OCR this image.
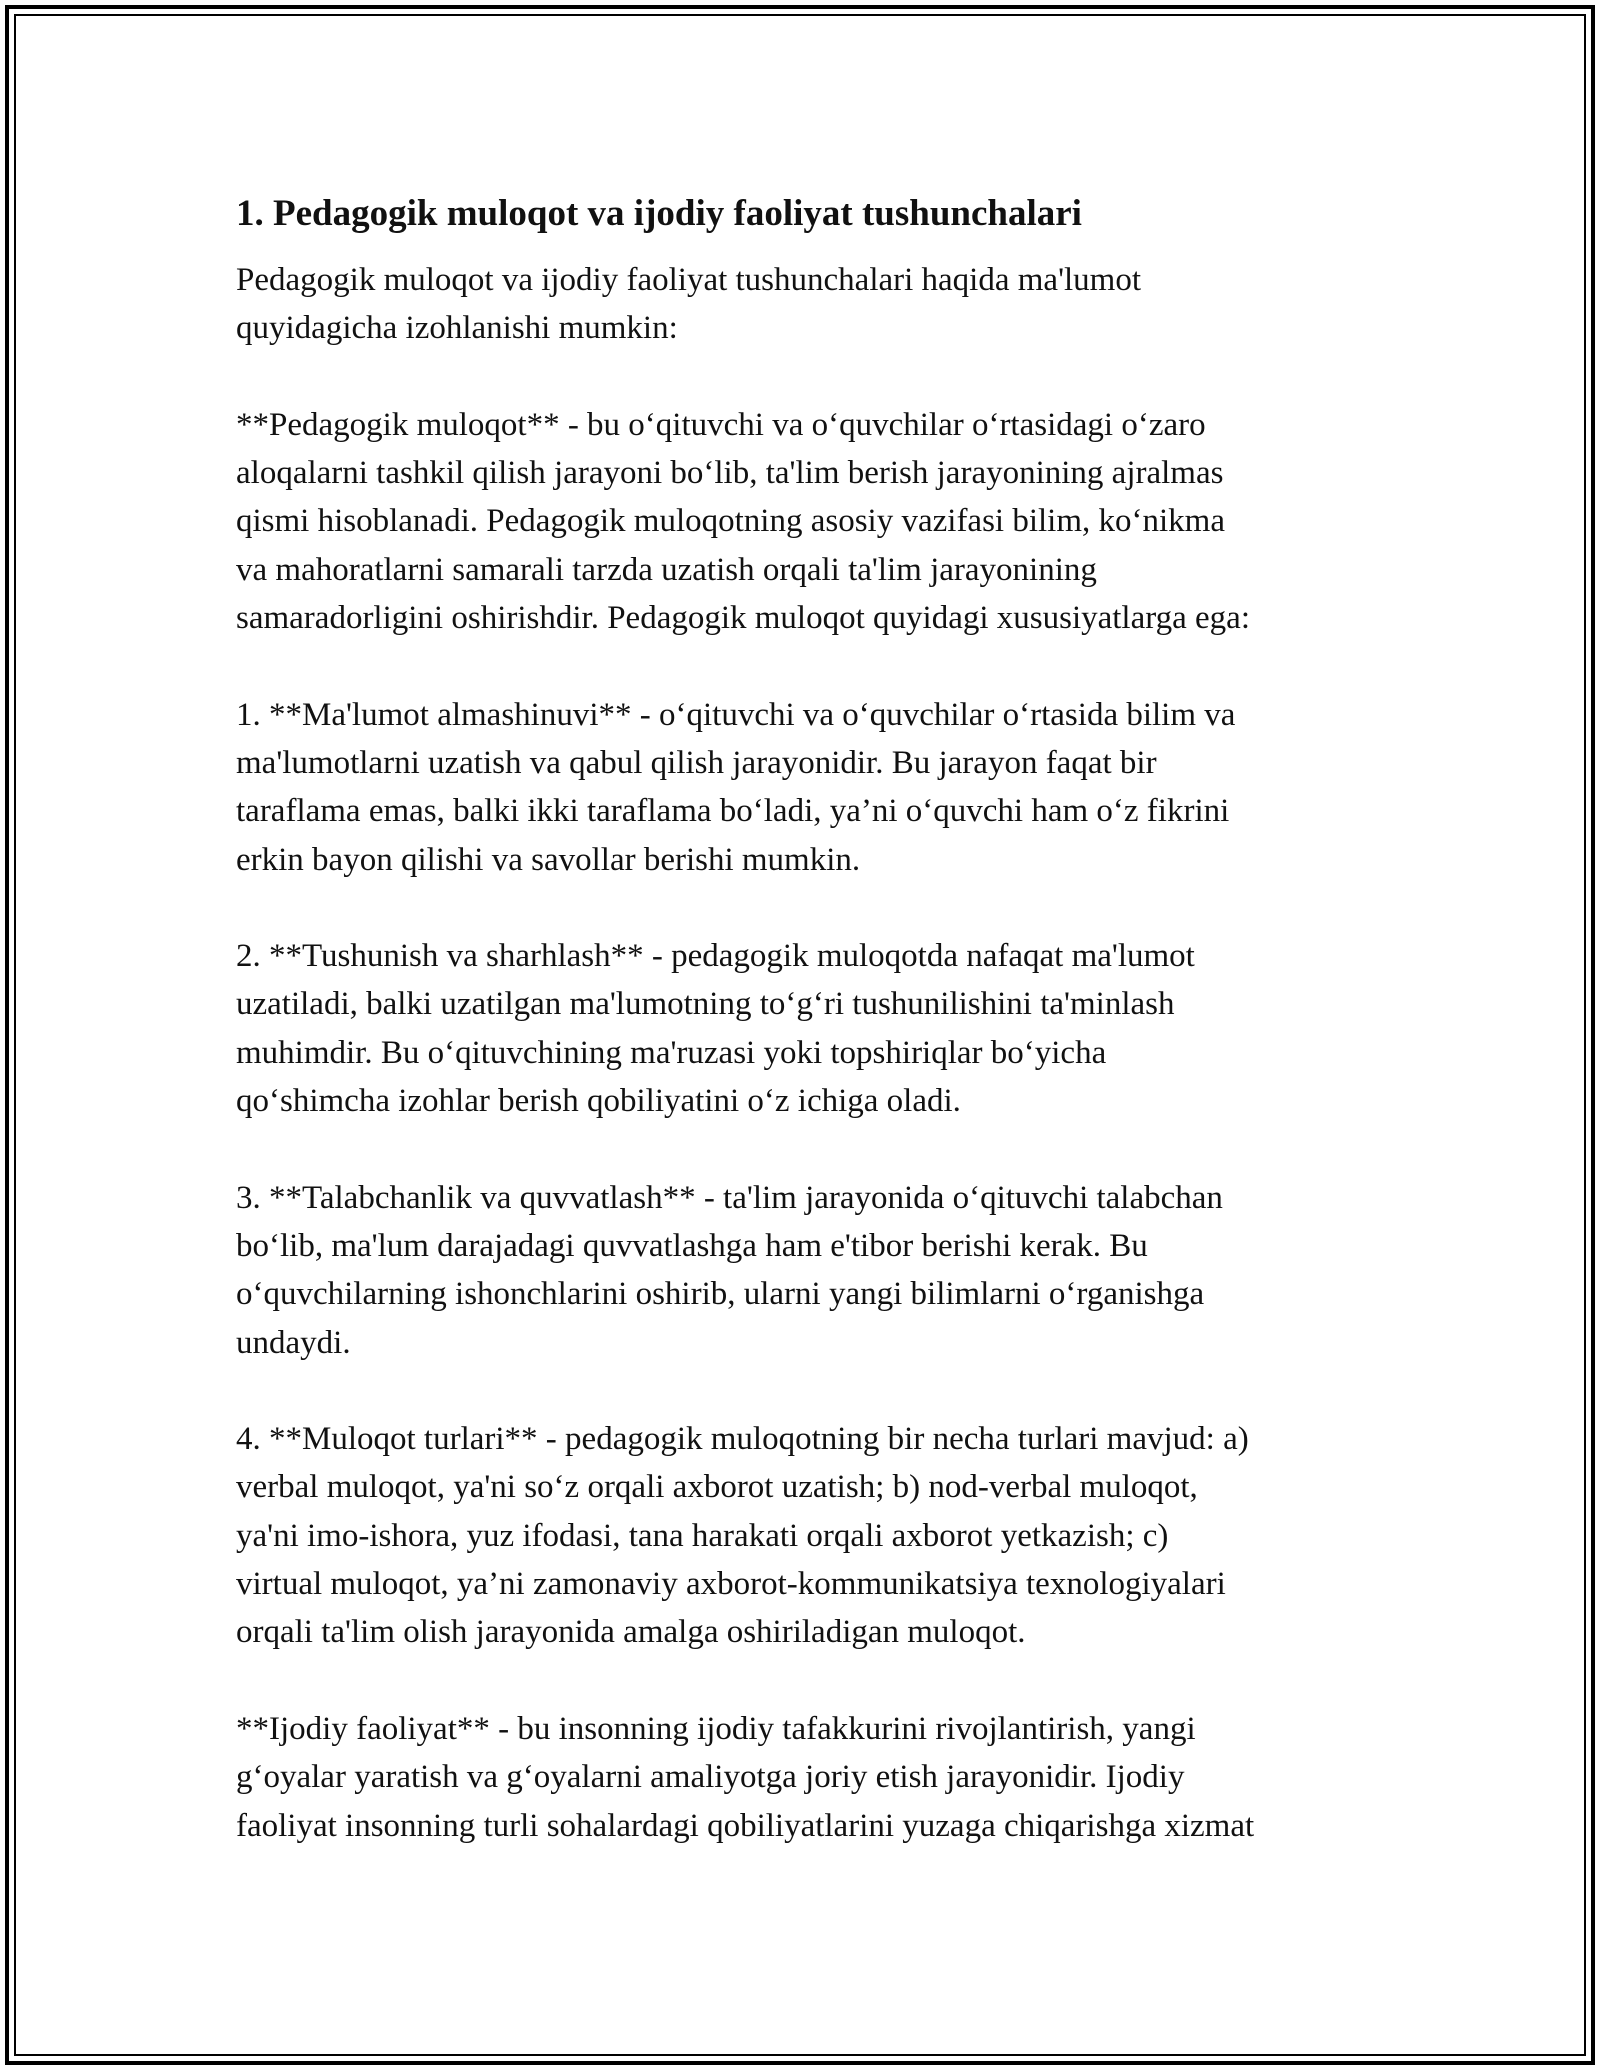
1. Pedagogik muloqot va ijodiy faoliyat tushunchalari

Pedagogik muloqot va ijodiy faoliyat tushunchalari haqida ma'lumot
quyidagicha izohlanishi mumkin:

**Pedagogik muloqot** - bu o‘qituvchi va o‘quvchilar o‘rtasidagi o‘zaro
aloqalarni tashkil qilish jarayoni bo‘lib, ta'lim berish jarayonining ajralmas
qismi hisoblanadi. Pedagogik muloqotning asosiy vazifasi bilim, ko‘nikma
va mahoratlarni samarali tarzda uzatish orqali ta'lim jarayonining
samaradorligini oshirishdir. Pedagogik muloqot quyidagi xususiyatlarga ega:

1. **Ma'lumot almashinuvi** - o‘qituvchi va o‘quvchilar o‘rtasida bilim va
ma'lumotlarni uzatish va qabul qilish jarayonidir. Bu jarayon faqat bir
taraflama emas, balki ikki taraflama bo‘ladi, ya’ni o‘quvchi ham o‘z fikrini
erkin bayon qilishi va savollar berishi mumkin.

2. **Tushunish va sharhlash** - pedagogik muloqotda nafaqat ma'lumot
uzatiladi, balki uzatilgan ma'lumotning to‘g‘ri tushunilishini ta'minlash
muhimdir. Bu o‘qituvchining ma'ruzasi yoki topshiriqlar bo‘yicha
qo‘shimcha izohlar berish qobiliyatini o‘z ichiga oladi.

3. **Talabchanlik va quvvatlash** - ta'lim jarayonida o‘qituvchi talabchan
bo‘lib, ma'lum darajadagi quvvatlashga ham e'tibor berishi kerak. Bu
o‘quvchilarning ishonchlarini oshirib, ularni yangi bilimlarni o‘rganishga
undaydi.

4. **Muloqot turlari** - pedagogik muloqotning bir necha turlari mavjud: a)
verbal muloqot, ya'ni so‘z orqali axborot uzatish; b) nod-verbal muloqot,
ya'ni imo-ishora, yuz ifodasi, tana harakati orqali axborot yetkazish; c)
virtual muloqot, ya’ni zamonaviy axborot-kommunikatsiya texnologiyalari
orqali ta'lim olish jarayonida amalga oshiriladigan muloqot.

**Ijodiy faoliyat** - bu insonning ijodiy tafakkurini rivojlantirish, yangi
g‘oyalar yaratish va g‘oyalarni amaliyotga joriy etish jarayonidir. Ijodiy
faoliyat insonning turli sohalardagi qobiliyatlarini yuzaga chiqarishga xizmat
